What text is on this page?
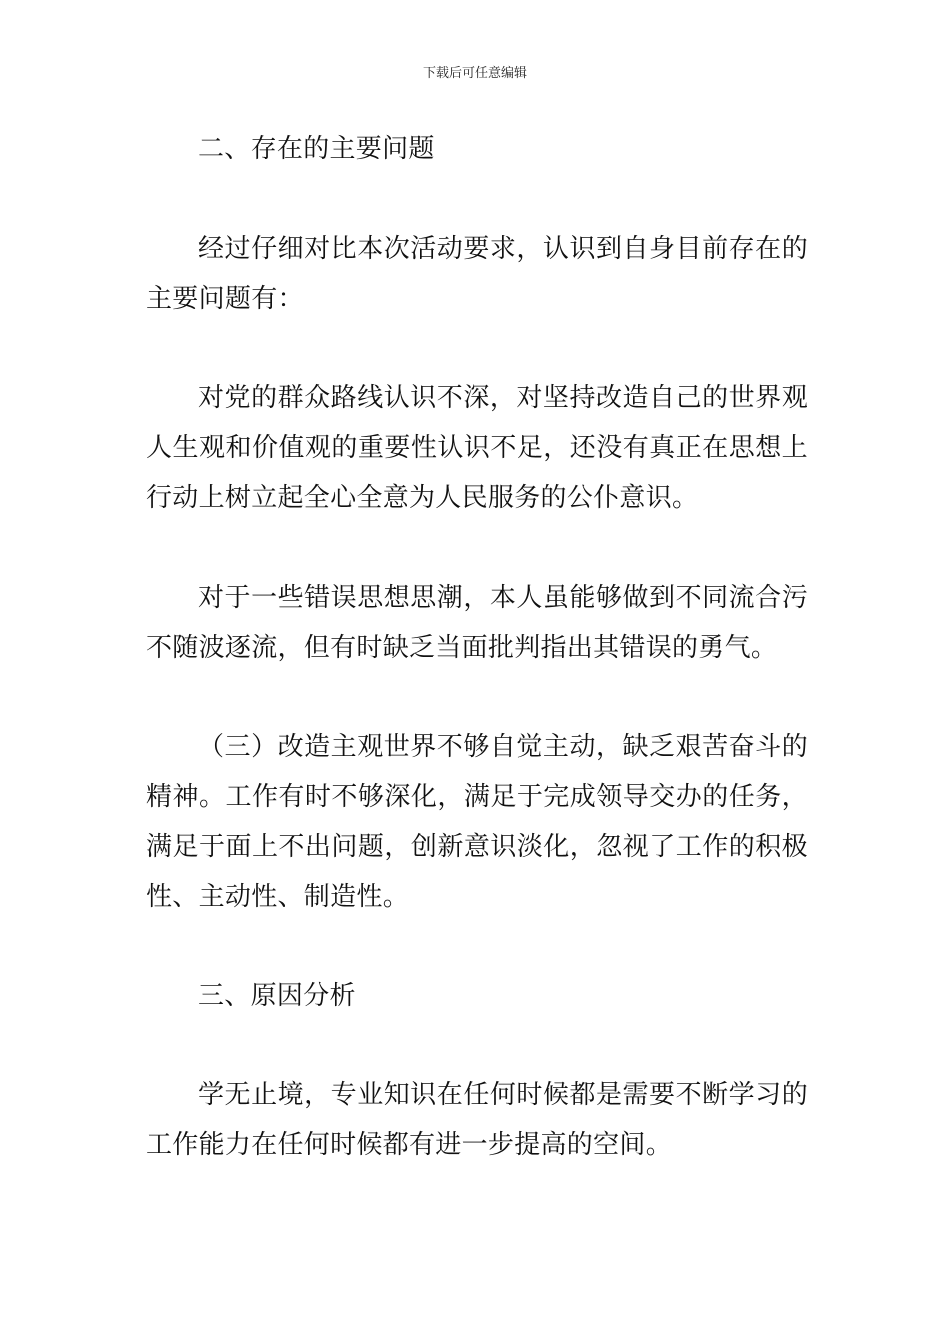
下载后可任意编辑

二、存在的主要问题

经过仔细对比本次活动要求，认识到自身目前存在的主要问题有：

对党的群众路线认识不深，对坚持改造自己的世界观人生观和价值观的重要性认识不足，还没有真正在思想上行动上树立起全心全意为人民服务的公仆意识。

对于一些错误思想思潮，本人虽能够做到不同流合污不随波逐流，但有时缺乏当面批判指出其错误的勇气。

（三）改造主观世界不够自觉主动，缺乏艰苦奋斗的精神。工作有时不够深化，满足于完成领导交办的任务，满足于面上不出问题，创新意识淡化，忽视了工作的积极性、主动性、制造性。

三、原因分析

学无止境，专业知识在任何时候都是需要不断学习的工作能力在任何时候都有进一步提高的空间。
